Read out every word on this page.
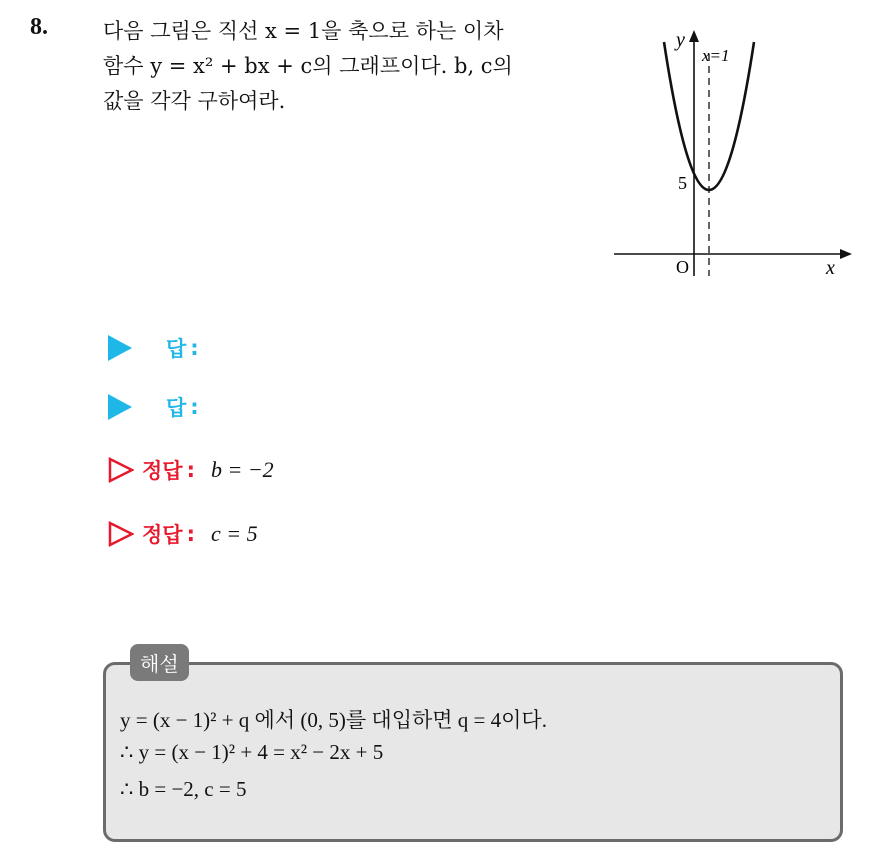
8.	다음 그림은 직선 x = 1을 축으로 하는 이차
함수 y = x² + bx + c의 그래프이다. b, c의
값을 각각 구하여라.
y
x=1
5
O	x
답 :
답 :
정답 : b = −2
정답 : c = 5
해설
y = (x − 1)² + q 에서 (0, 5)를 대입하면 q = 4이다.
∴ y = (x − 1)² + 4 = x² − 2x + 5
∴ b = −2, c = 5
